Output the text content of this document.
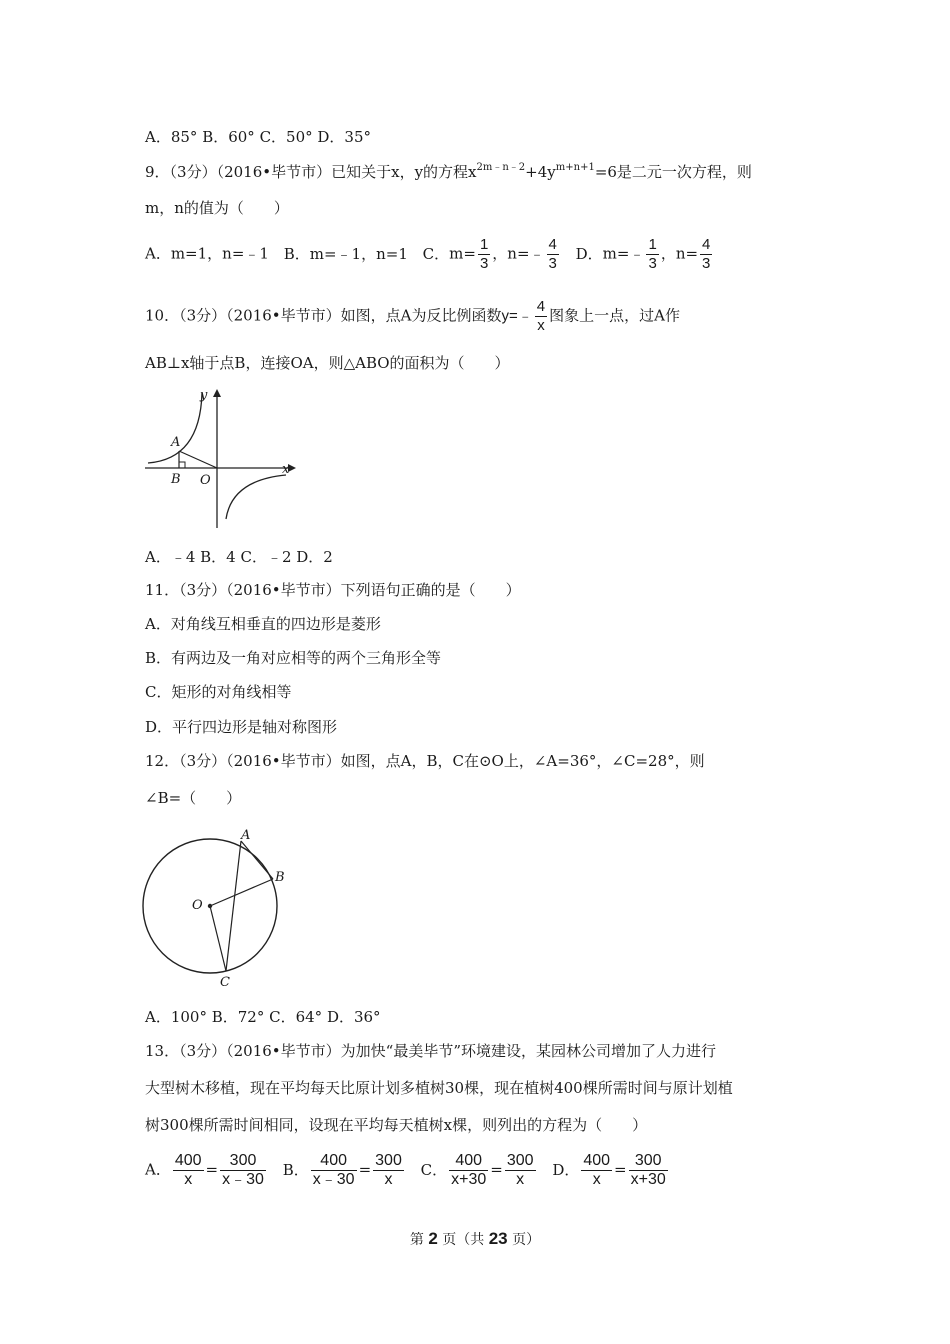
A．85° B．60° C．50° D．35°
9．（3分）（2016•毕节市）已知关于x，y的方程$x^{2m﹣n﹣2}+4y^{m+n+1}=6$是二元一次方程，则
m，n的值为（　　）
A．m=1，n=﹣1 B．m=﹣1，n=1 C．$m= \frac{1}{3}$ ，n=﹣ $\frac{4}{3}$ D．m=﹣ $\frac{1}{3}$ ，$n= \frac{4}{3}$
10．（3分）（2016•毕节市）如图，点A为反比例函数y=﹣ $\frac{4}{x}$ 图象上一点，过A作
AB⊥x轴于点B，连接OA，则△ABO的面积为（　　）
y
x
A
B O
A．﹣4 B．4 C．﹣2 D．2
11．（3分）（2016•毕节市）下列语句正确的是（　　）
A．对角线互相垂直的四边形是菱形
B．有两边及一角对应相等的两个三角形全等
C．矩形的对角线相等
D．平行四边形是轴对称图形
12．（3分）（2016•毕节市）如图，点A，B，C在⊙O上，∠A=36°，∠C=28°，则
∠B=（　　）
A
B
C
O
A．100° B．72° C．64° D．36°
13．（3分）（2016•毕节市）为加快“最美毕节”环境建设，某园林公司增加了人力进行
大型树木移植，现在平均每天比原计划多植树30棵，现在植树400棵所需时间与原计划植
树300棵所需时间相同，设现在平均每天植树x棵，则列出的方程为（　　）
A． $\frac{400}{x} = \frac{300}{x﹣30}$ B． $\frac{400}{x﹣30} = \frac{300}{x}$ C． $\frac{400}{x+30} = \frac{300}{x}$ D． $\frac{400}{x} = \frac{300}{x+30}$
第 2 页（共 23 页）
